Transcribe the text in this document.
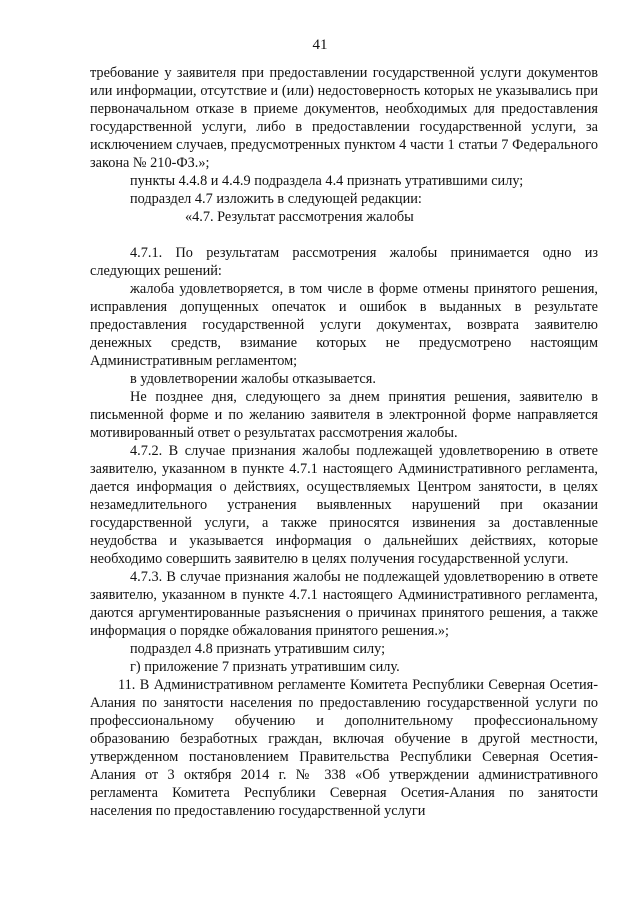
41

требование у заявителя при предоставлении государственной услуги документов или информации, отсутствие и (или) недостоверность которых не указывались при первоначальном отказе в приеме документов, необходимых для предоставления государственной услуги, либо в предоставлении государственной услуги, за исключением случаев, предусмотренных пунктом 4 части 1 статьи 7 Федерального закона № 210-ФЗ.»;

пункты 4.4.8 и 4.4.9 подраздела 4.4 признать утратившими силу;

подраздел 4.7 изложить в следующей редакции:

«4.7. Результат рассмотрения жалобы

4.7.1. По результатам рассмотрения жалобы принимается одно из следующих решений:

жалоба удовлетворяется, в том числе в форме отмены принятого решения, исправления допущенных опечаток и ошибок в выданных в результате предоставления государственной услуги документах, возврата заявителю денежных средств, взимание которых не предусмотрено настоящим Административным регламентом;

в удовлетворении жалобы отказывается.

Не позднее дня, следующего за днем принятия решения, заявителю в письменной форме и по желанию заявителя в электронной форме направляется мотивированный ответ о результатах рассмотрения жалобы.

4.7.2. В случае признания жалобы подлежащей удовлетворению в ответе заявителю, указанном в пункте 4.7.1 настоящего Административного регламента, дается информация о действиях, осуществляемых Центром занятости, в целях незамедлительного устранения выявленных нарушений при оказании государственной услуги, а также приносятся извинения за доставленные неудобства и указывается информация о дальнейших действиях, которые необходимо совершить заявителю в целях получения государственной услуги.

4.7.3. В случае признания жалобы не подлежащей удовлетворению в ответе заявителю, указанном в пункте 4.7.1 настоящего Административного регламента, даются аргументированные разъяснения о причинах принятого решения, а также информация о порядке обжалования принятого решения.»;

подраздел 4.8 признать утратившим силу;

г) приложение 7 признать утратившим силу.

11. В Административном регламенте Комитета Республики Северная Осетия-Алания по занятости населения по предоставлению государственной услуги по профессиональному обучению и дополнительному профессиональному образованию безработных граждан, включая обучение в другой местности, утвержденном постановлением Правительства Республики Северная Осетия-Алания от 3 октября 2014 г. № 338 «Об утверждении административного регламента Комитета Республики Северная Осетия-Алания по занятости населения по предоставлению государственной услуги
